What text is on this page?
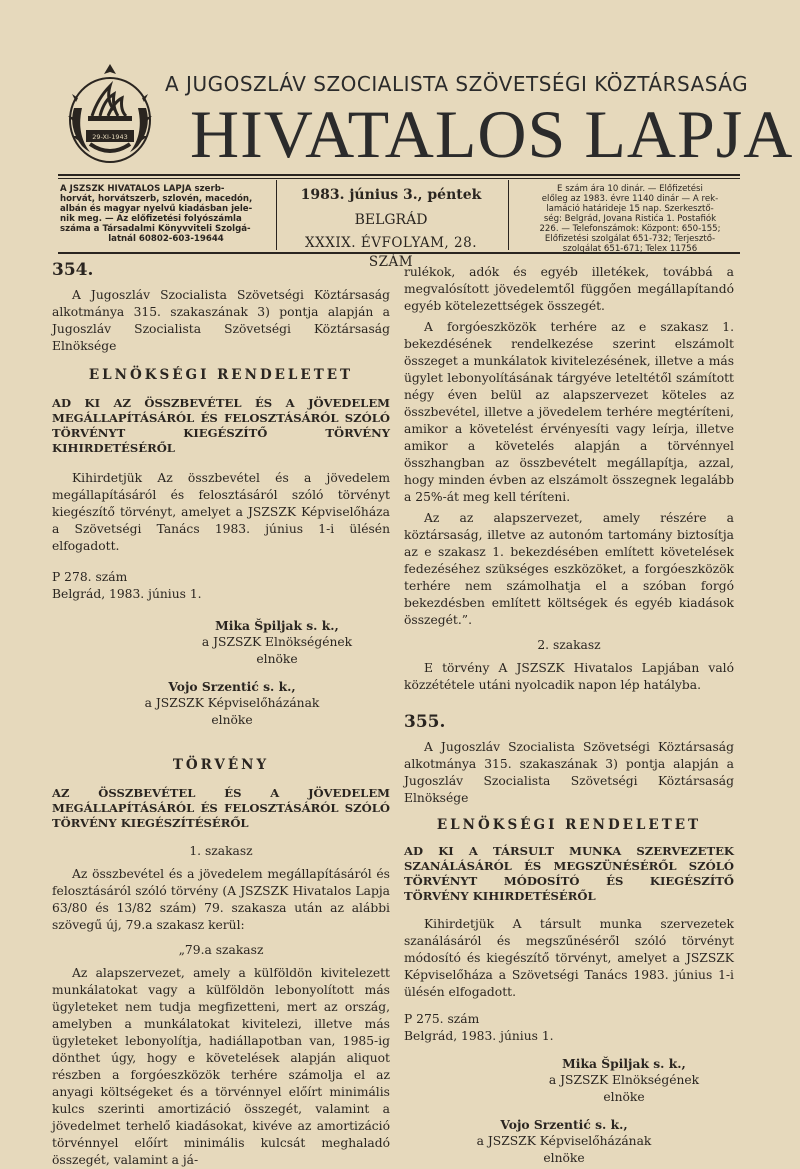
29-XI-1943
A JUGOSZLÁV SZOCIALISTA SZÖVETSÉGI KÖZTÁRSASÁG
HIVATALOS LAPJA
A JSZSZK HIVATALOS LAPJA szerb-
horvát, horvátszerb, szlovén, macedón,
albán és magyar nyelvű kiadásban jele-
nik meg. — Az előfizetési folyószámla
száma a Társadalmi Könyvviteli Szolgá-
latnál 60802-603-19644
1983. június 3., péntek
BELGRÁD
XXXIX. ÉVFOLYAM, 28. SZÁM
E szám ára 10 dinár. — Előfizetési
előleg az 1983. évre 1140 dinár — A rek-
lamáció határideje 15 nap. Szerkesztő-
ség: Belgrád, Jovana Ristića 1. Postafiók
226. — Telefonszámok: Központ: 650-155;
Előfizetési szolgálat 651-732; Terjesztő-
szolgálat 651-671; Telex 11756
354.

A Jugoszláv Szocialista Szövetségi Köztársaság alkotmánya 315. szakaszának 3) pontja alapján a Jugoszláv Szocialista Szövetségi Köztársaság Elnöksége

ELNÖKSÉGI RENDELETET

AD KI AZ ÖSSZBEVÉTEL ÉS A JÖVEDELEM MEGÁLLAPÍTÁSÁRÓL ÉS FELOSZTÁSÁRÓL SZÓLÓ TÖRVÉNYT KIEGÉSZÍTŐ TÖRVÉNY KIHIRDETÉSÉRŐL

Kihirdetjük Az összbevétel és a jövedelem megállapításáról és felosztásáról szóló törvényt kiegészítő törvényt, amelyet a JSZSZK Képviselőháza a Szövetségi Tanács 1983. június 1-i ülésén elfogadott.

P 278. szám

Belgrád, 1983. június 1.

Mika Špiljak s. k.,
a JSZSZK Elnökségének
elnöke
Vojo Srzentić s. k.,
a JSZSZK Képviselőházának
elnöke

TÖRVÉNY

AZ ÖSSZBEVÉTEL ÉS A JÖVEDELEM MEGÁLLAPÍTÁSÁRÓL ÉS FELOSZTÁSÁRÓL SZÓLÓ TÖRVÉNY KIEGÉSZÍTÉSÉRŐL

1. szakasz

Az összbevétel és a jövedelem megállapításáról és felosztásáról szóló törvény (A JSZSZK Hivatalos Lapja 63/80 és 13/82 szám) 79. szakasza után az alábbi szövegű új, 79.a szakasz kerül:

„79.a szakasz

Az alapszervezet, amely a külföldön kivitelezett munkálatokat vagy a külföldön lebonyolított más ügyleteket nem tudja megfizetteni, mert az ország, amelyben a munkálatokat kivitelezi, illetve más ügyleteket lebonyolítja, hadiállapotban van, 1985-ig dönthet úgy, hogy e követelések alapján aliquot részben a forgóeszközök terhére számolja el az anyagi költségeket és a törvénnyel előírt minimális kulcs szerinti amortizáció összegét, valamint a jövedelmet terhelő kiadásokat, kivéve az amortizáció törvénnyel előírt minimális kulcsát meghaladó összegét, valamint a já-

rulékok, adók és egyéb illetékek, továbbá a megvalósított jövedelemtől függően megállapítandó egyéb kötelezettségek összegét.

A forgóeszközök terhére az e szakasz 1. bekezdésének rendelkezése szerint elszámolt összeget a munkálatok kivitelezésének, illetve a más ügylet lebonyolításának tárgyéve leteltétől számított négy éven belül az alapszervezet köteles az összbevétel, illetve a jövedelem terhére megtéríteni, amikor a követelést érvényesíti vagy leírja, illetve amikor a követelés alapján a törvénnyel összhangban az összbevételt megállapítja, azzal, hogy minden évben az elszámolt összegnek legalább a 25%-át meg kell téríteni.

Az az alapszervezet, amely részére a köztársaság, illetve az autonóm tartomány biztosítja az e szakasz 1. bekezdésében említett követelések fedezéséhez szükséges eszközöket, a forgóeszközök terhére nem számolhatja el a szóban forgó bekezdésben említett költségek és egyéb kiadások összegét.”.

2. szakasz

E törvény A JSZSZK Hivatalos Lapjában való közzététele utáni nyolcadik napon lép hatályba.

355.

A Jugoszláv Szocialista Szövetségi Köztársaság alkotmánya 315. szakaszának 3) pontja alapján a Jugoszláv Szocialista Szövetségi Köztársaság Elnöksége

ELNÖKSÉGI RENDELETET

AD KI A TÁRSULT MUNKA SZERVEZETEK SZANÁLÁSÁRÓL ÉS MEGSZÜNÉSÉRŐL SZÓLÓ TÖRVÉNYT MÓDOSÍTÓ ÉS KIEGÉSZÍTŐ TÖRVÉNY KIHIRDETÉSÉRŐL

Kihirdetjük A társult munka szervezetek szanálásáról és megszűnéséről szóló törvényt módosító és kiegészítő törvényt, amelyet a JSZSZK Képviselőháza a Szövetségi Tanács 1983. június 1-i ülésén elfogadott.

P 275. szám

Belgrád, 1983. június 1.

Mika Špiljak s. k.,
a JSZSZK Elnökségének
elnöke
Vojo Srzentić s. k.,
a JSZSZK Képviselőházának
elnöke
